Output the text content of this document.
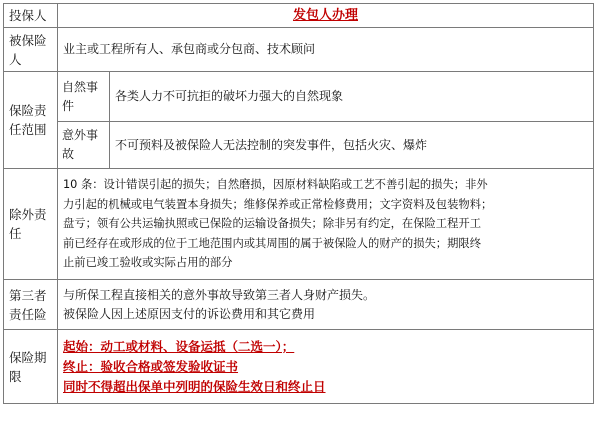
投保人	发包人办理	
被保险人	业主或工程所有人、承包商或分包商、技术顾问	
保险责任范围	自然事件	各类人力不可抗拒的破坏力强大的自然现象
	意外事故	不可预料及被保险人无法控制的突发事件，包括火灾、爆炸
除外责任	10 条：设计错误引起的损失；自然磨损，因原材料缺陷或工艺不善引起的损失；非外
力引起的机械或电气装置本身损失；维修保养或正常检修费用；文字资料及包装物料；
盘亏；领有公共运输执照或已保险的运输设备损失；除非另有约定，在保险工程开工
前已经存在或形成的位于工地范围内或其周围的属于被保险人的财产的损失；期限终
止前已竣工验收或实际占用的部分	

第三者责任险	与所保工程直接相关的意外事故导致第三者人身财产损失。
被保险人因上述原因支付的诉讼费用和其它费用	

保险期限	起始：动工或材料、设备运抵（二选一）；
终止：验收合格或签发验收证书
同时不得超出保单中列明的保险生效日和终止日	
